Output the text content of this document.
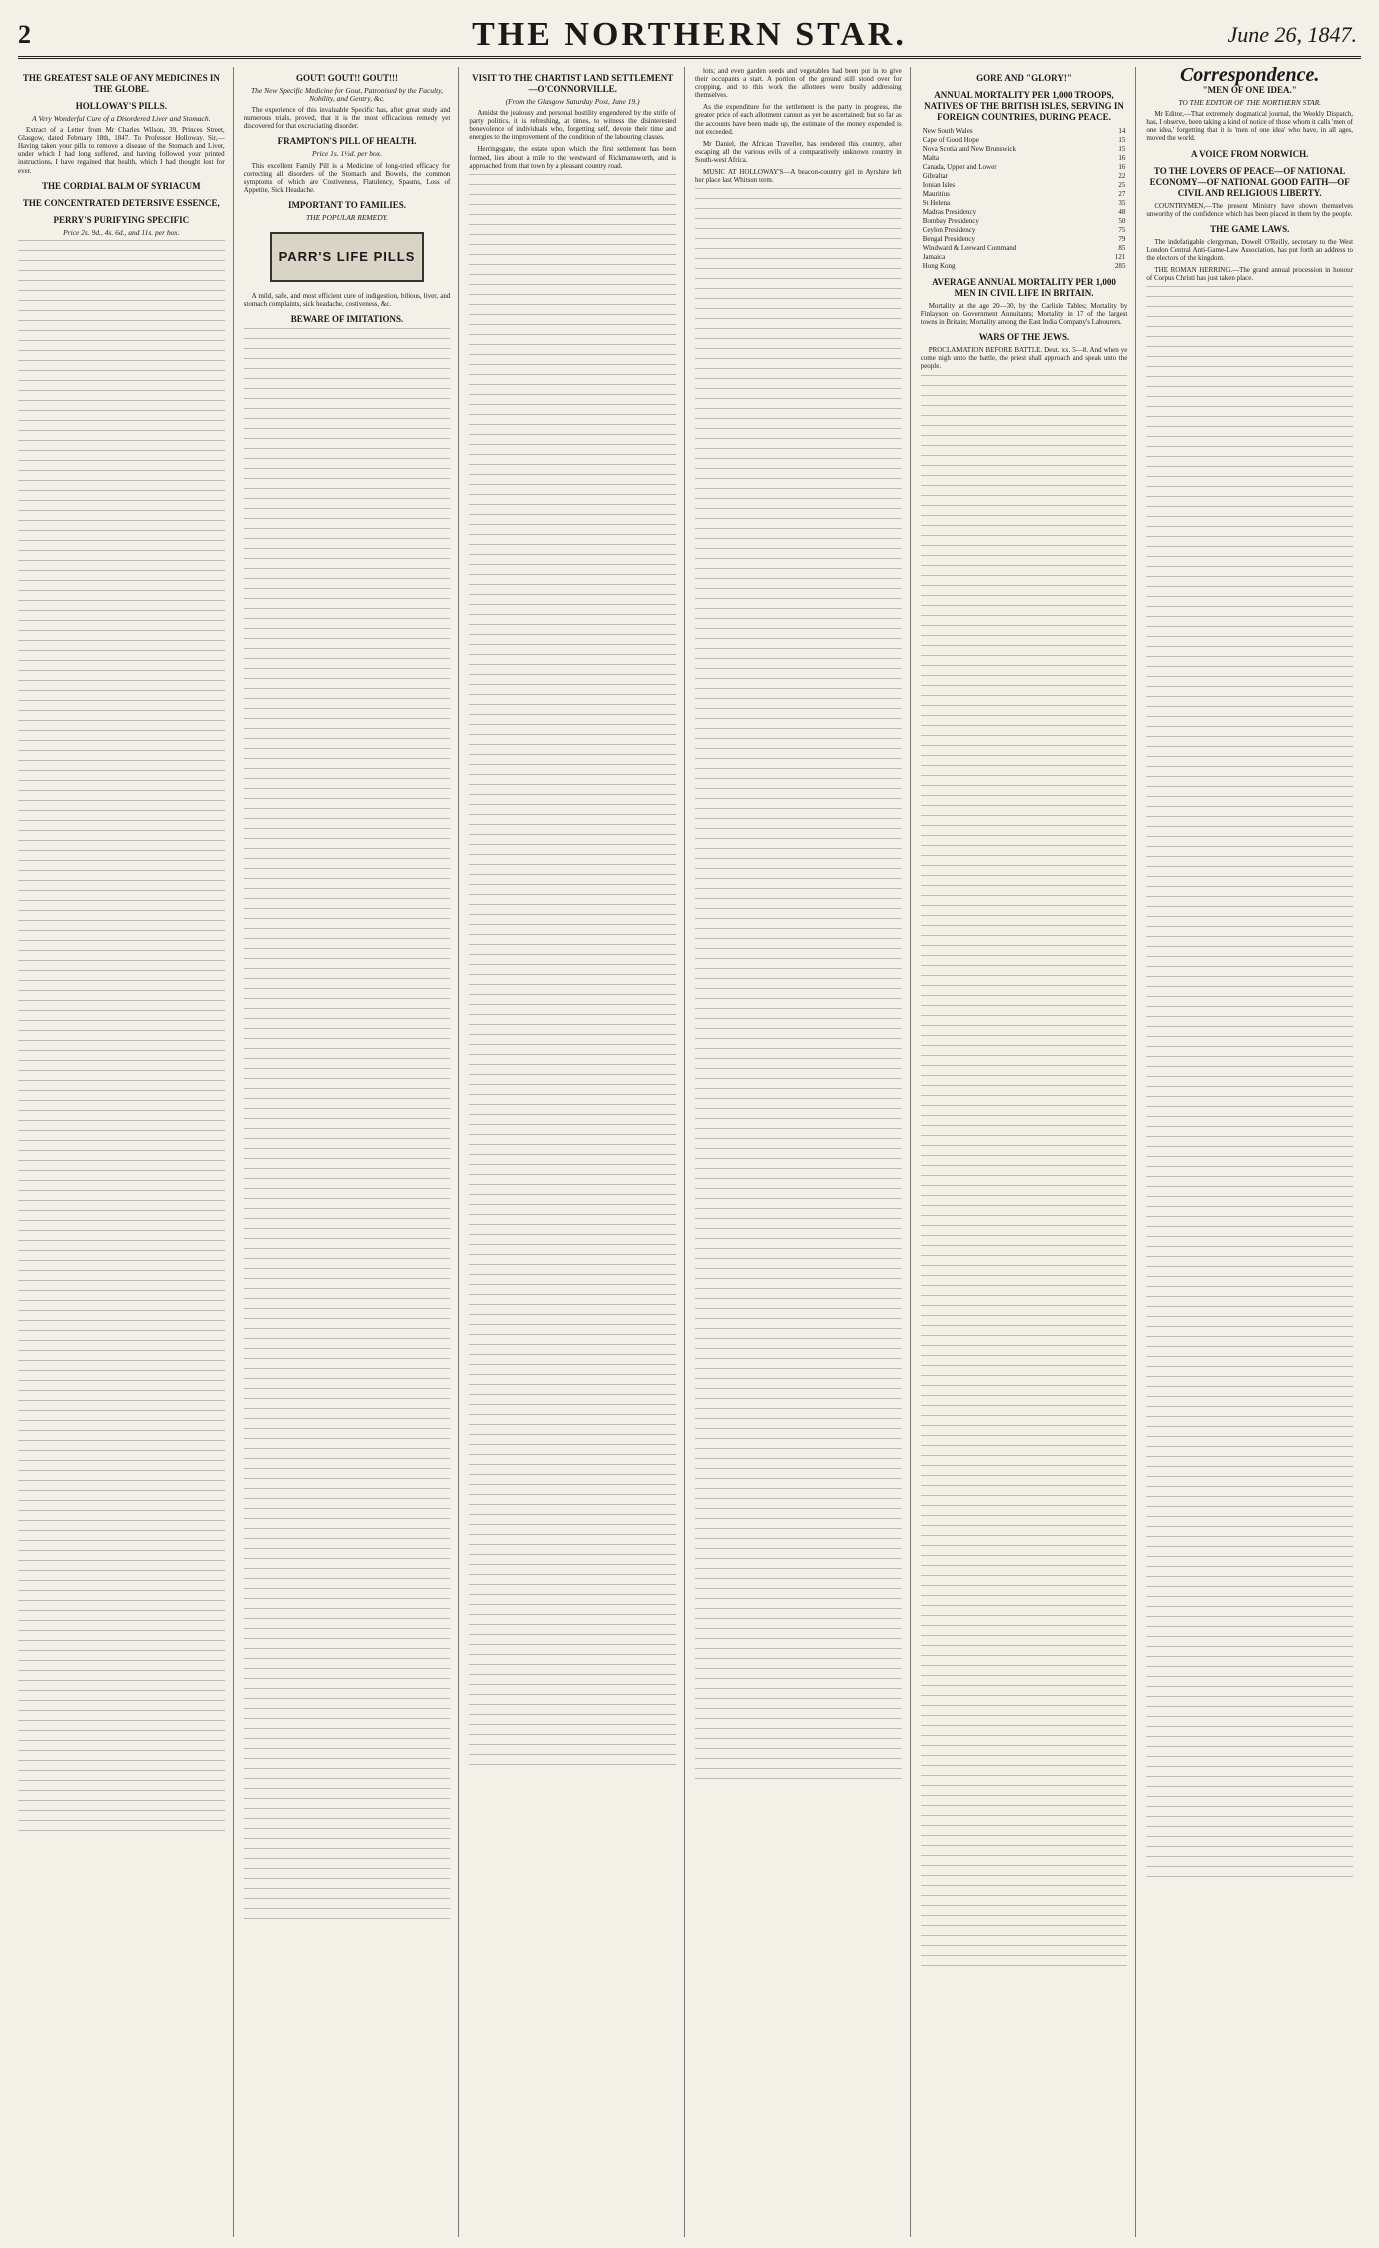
2	THE NORTHERN STAR.	June 26, 1847.
THE GREATEST SALE OF ANY MEDICINES IN THE GLOBE.
HOLLOWAY'S PILLS.
A Very Wonderful Cure of a Disordered Liver and Stomach.

Extract of a Letter from Mr Charles Wilson, 39, Princes Street, Glasgow, dated February 18th, 1847. To Professor Holloway. Sir,—Having taken your pills to remove a disease of the Stomach and Liver, under which I had long suffered, and having followed your printed instructions, I have regained that health, which I had thought lost for ever.

THE CORDIAL BALM OF SYRIACUM
THE CONCENTRATED DETERSIVE ESSENCE,
PERRY'S PURIFYING SPECIFIC
Price 2s. 9d., 4s. 6d., and 11s. per box.
GOUT! GOUT!! GOUT!!!
The New Specific Medicine for Gout, Patronised by the Faculty, Nobility, and Gentry, &c.

The experience of this invaluable Specific has, after great study and numerous trials, proved, that it is the most efficacious remedy yet discovered for that excruciating disorder.

FRAMPTON'S PILL OF HEALTH.
Price 1s. 1½d. per box.

This excellent Family Pill is a Medicine of long-tried efficacy for correcting all disorders of the Stomach and Bowels, the common symptoms of which are Costiveness, Flatulency, Spasms, Loss of Appetite, Sick Headache.

IMPORTANT TO FAMILIES.
THE POPULAR REMEDY.
PARR'S LIFE PILLS

A mild, safe, and most efficient cure of indigestion, bilious, liver, and stomach complaints, sick headache, costiveness, &c.

BEWARE OF IMITATIONS.
VISIT TO THE CHARTIST LAND SETTLEMENT—O'CONNORVILLE.
(From the Glasgow Saturday Post, June 19.)

Amidst the jealousy and personal hostility engendered by the strife of party politics, it is refreshing, at times, to witness the disinterested benevolence of individuals who, forgetting self, devote their time and energies to the improvement of the condition of the labouring classes.

Herringsgate, the estate upon which the first settlement has been formed, lies about a mile to the westward of Rickmansworth, and is approached from that town by a pleasant country road.

lots; and even garden seeds and vegetables had been put in to give their occupants a start. A portion of the ground still stood over for cropping, and to this work the allottees were busily addressing themselves.

As the expenditure for the settlement is the party in progress, the greater price of each allotment cannot as yet be ascertained; but so far as the accounts have been made up, the estimate of the money expended is not exceeded.

Mr Daniel, the African Traveller, has rendered this country, after escaping all the various evils of a comparatively unknown country in South-west Africa.

MUSIC AT HOLLOWAY'S—A beacon-country girl in Ayrshire left her place last Whitsun term.

GORE AND "GLORY!"
ANNUAL MORTALITY PER 1,000 TROOPS, NATIVES OF THE BRITISH ISLES, SERVING IN FOREIGN COUNTRIES, DURING PEACE.
New South Wales	14
Cape of Good Hope	15
Nova Scotia and New Brunswick	15
Malta	16
Canada, Upper and Lower	16
Gibraltar	22
Ionian Isles	25
Mauritius	27
St Helena	35
Madras Presidency	48
Bombay Presidency	50
Ceylon Presidency	75
Bengal Presidency	79
Windward & Leeward Command	85
Jamaica	121
Hong Kong	285
AVERAGE ANNUAL MORTALITY PER 1,000 MEN IN CIVIL LIFE IN BRITAIN.

Mortality at the age 20—30, by the Carlisle Tables; Mortality by Finlayson on Government Annuitants; Mortality in 17 of the largest towns in Britain; Mortality among the East India Company's Labourers.

WARS OF THE JEWS.

PROCLAMATION BEFORE BATTLE. Deut. xx. 5—8. And when ye come nigh unto the battle, the priest shall approach and speak unto the people.

Correspondence.
"MEN OF ONE IDEA."
TO THE EDITOR OF THE NORTHERN STAR.

Mr Editor,—That extremely dogmatical journal, the Weekly Dispatch, has, I observe, been taking a kind of notice of those whom it calls 'men of one idea,' forgetting that it is 'men of one idea' who have, in all ages, moved the world.

A VOICE FROM NORWICH.
TO THE LOVERS OF PEACE—OF NATIONAL ECONOMY—OF NATIONAL GOOD FAITH—OF CIVIL AND RELIGIOUS LIBERTY.

COUNTRYMEN,—The present Ministry have shown themselves unworthy of the confidence which has been placed in them by the people.

THE GAME LAWS.

The indefatigable clergyman, Dowell O'Reilly, secretary to the West London Central Anti-Game-Law Association, has put forth an address to the electors of the kingdom.

THE ROMAN HERRING.—The grand annual procession in honour of Corpus Christi has just taken place.
